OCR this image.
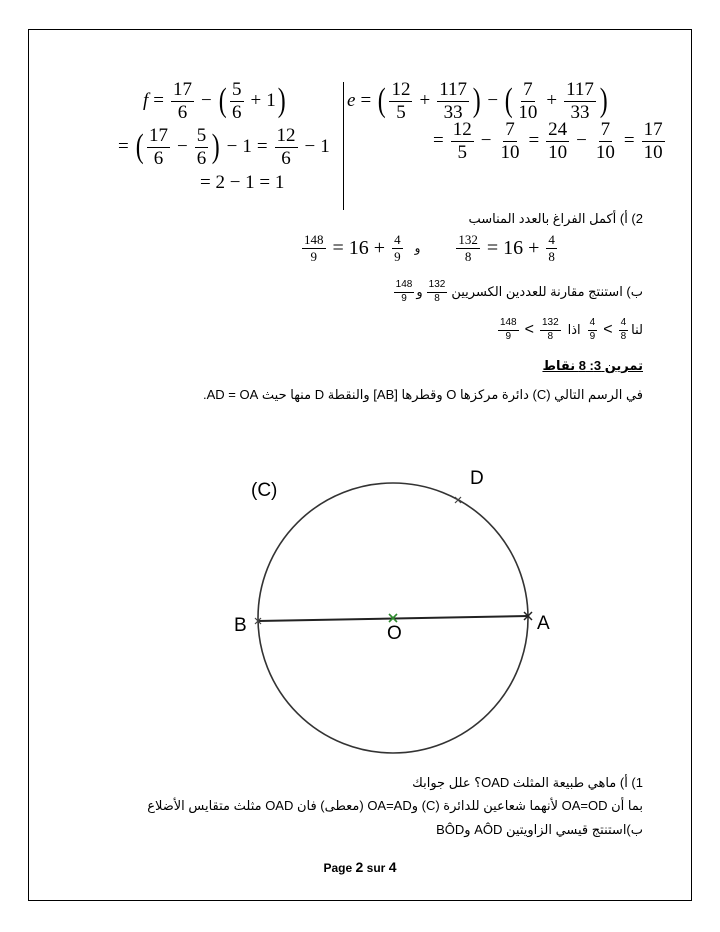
$f = \frac{17}{6}$ − ( $\frac{5}{6} + 1$ )
= ( $\frac{17}{6} - \frac{5}{6}$ ) − $1 = \frac{12}{6} - 1$
= 2 − 1 = 1
e = ( $\frac{12}{5} + \frac{117}{33}$ ) − ( $\frac{7}{10} + \frac{117}{33}$ )
= $\frac{12}{5} - \frac{7}{10} = \frac{24}{10} - \frac{7}{10} = \frac{17}{10}$
2) أ) أكمل الفراغ بالعدد المناسب
$\frac{148}{9} = 16 + \frac{4}{9}$ و	$\frac{132}{8} = 16 + \frac{4}{8}$
ب) استنتج مقارنة للعددين الكسريين
$\frac{132}{8}$
و
$\frac{148}{9}$
لنا
$\frac{4}{8}$
>
$\frac{4}{9}$
اذا
$\frac{132}{8}$
>
$\frac{148}{9}$
تمرين 3: 8 نقاط
في الرسم التالي (C) دائرة مركزها O وقطرها [AB] والنقطة D منها حيث AD = OA.
(C)
D
B	A
O
1) أ) ماهي طبيعة المثلث OAD؟ علل جوابك
بما أن OA=OD لأنهما شعاعين للدائرة (C) وOA=AD (معطى) فان OAD مثلث متقايس الأضلاع
ب)استنتج قيسي الزاويتين AÔD وBÔD
Page 2 sur 4
